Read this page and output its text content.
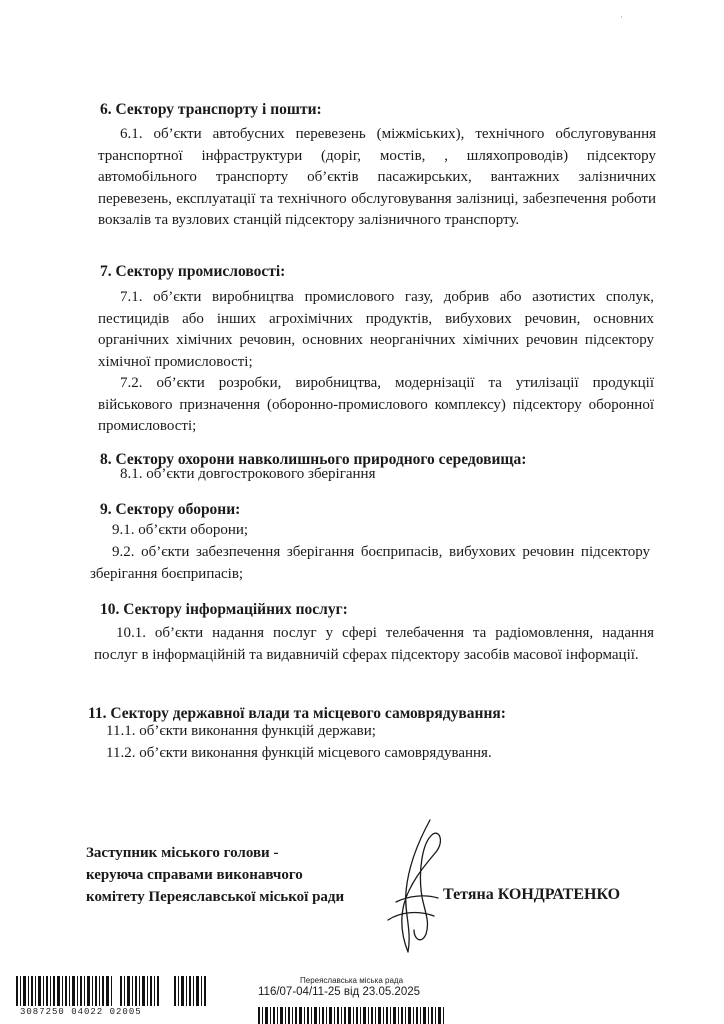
·
6. Сектору транспорту і пошти:
6.1. об’єкти автобусних перевезень (міжміських), технічного обслуговування транспортної інфраструктури (доріг, мостів, , шляхопроводів) підсектору автомобільного транспорту об’єктів пасажирських, вантажних залізничних перевезень, експлуатації та технічного обслуговування залізниці, забезпечення роботи вокзалів та вузлових станцій підсектору залізничного транспорту.
7. Сектору промисловості:
7.1. об’єкти виробництва промислового газу, добрив або азотистих сполук, пестицидів або інших агрохімічних продуктів, вибухових речовин, основних органічних хімічних речовин, основних неорганічних хімічних речовин підсектору хімічної промисловості;
7.2. об’єкти розробки, виробництва, модернізації та утилізації продукції військового призначення (оборонно-промислового комплексу) підсектору оборонної промисловості;
8. Сектору охорони навколишнього природного середовища:
8.1. об’єкти довгострокового зберігання
9. Сектору оборони:
9.1. об’єкти оборони;
9.2. об’єкти забезпечення зберігання боєприпасів, вибухових речовин підсектору зберігання боєприпасів;
10. Сектору інформаційних послуг:
10.1. об’єкти надання послуг у сфері телебачення та радіомовлення, надання послуг в інформаційній та видавничій сферах підсектору засобів масової інформації.
11. Сектору державної влади та місцевого самоврядування:
11.1. об’єкти виконання функцій держави;
11.2. об’єкти виконання функцій місцевого самоврядування.
Заступник міського голови -
керуюча справами виконавчого
комітету Переяславської міської ради	Тетяна КОНДРАТЕНКО
3087250 04022 02005
Переяславська міська рада
116/07-04/11-25 від 23.05.2025
